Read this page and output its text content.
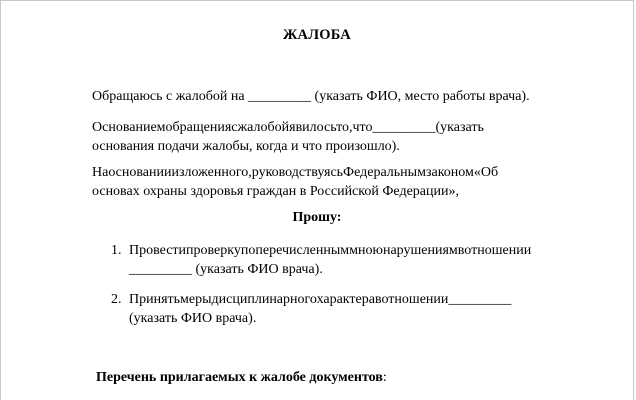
ЖАЛОБА
Обращаюсь с жалобой на _________ (указать ФИО, место работы врача).
Основаниемобращениясжалобойявилосьто,что_________(указать
основания подачи жалобы, когда и что произошло).
Наоснованииизложенного,руководствуясьФедеральнымзаконом«Об
основах охраны здоровья граждан в Российской Федерации»,
Прошу:
1. Провестипроверкупоперечисленныммноюнарушениямвотношении
_________ (указать ФИО врача).
2. Принятьмерыдисциплинарногохарактеравотношении_________
(указать ФИО врача).
Перечень прилагаемых к жалобе документов:
